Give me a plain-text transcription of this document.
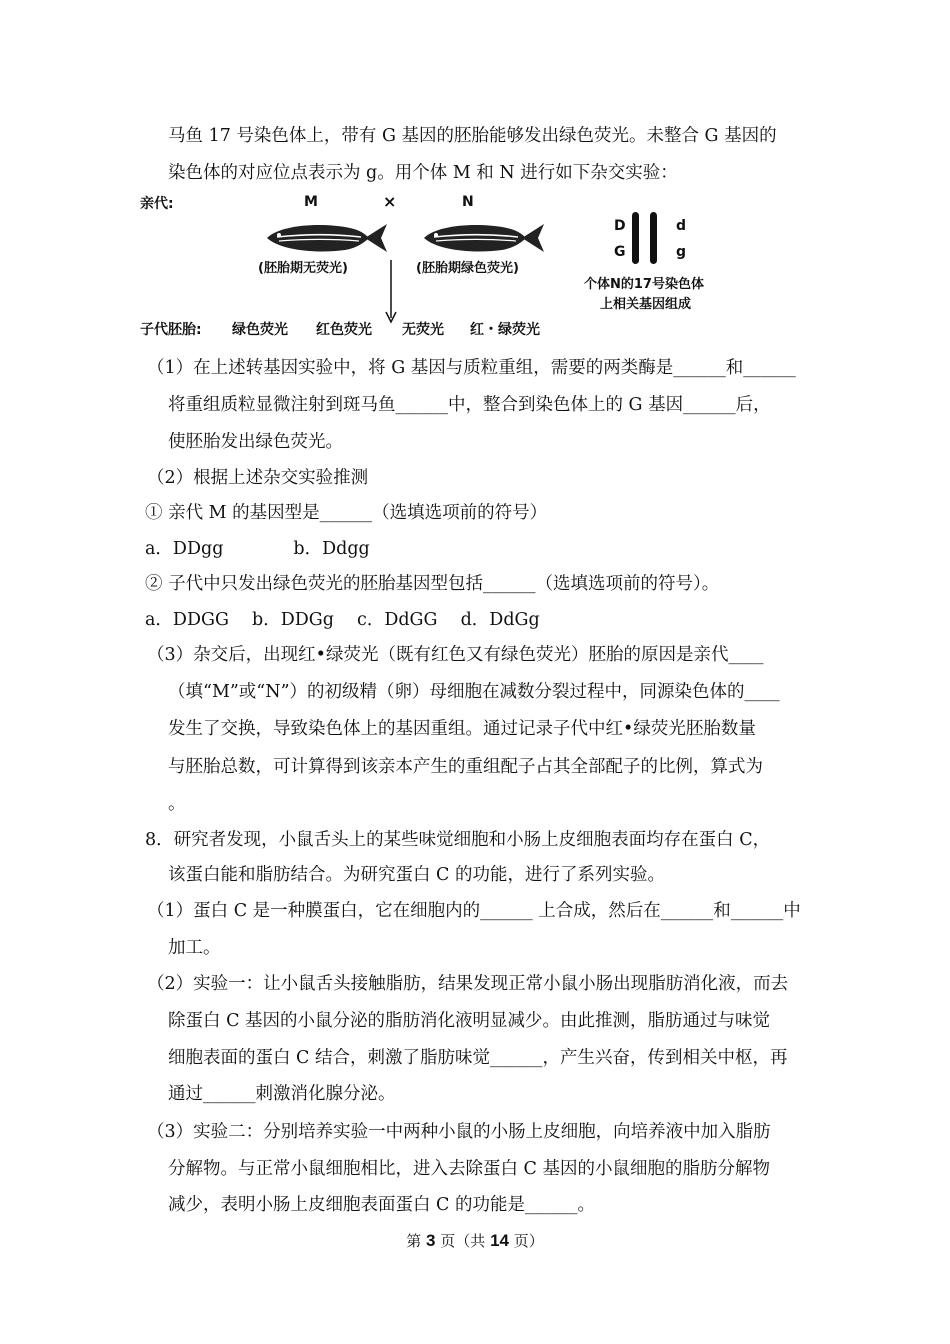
马鱼 17 号染色体上，带有 G 基因的胚胎能够发出绿色荧光。未整合 G 基因的
染色体的对应位点表示为 g。用个体 M 和 N 进行如下杂交实验：
亲代:	M	×	N
(胚胎期无荧光)	(胚胎期绿色荧光)
D
G
d
g
个体N的17号染色体
上相关基因组成
子代胚胎: 绿色荧光 红色荧光 无荧光 红・绿荧光
（1）在上述转基因实验中，将 G 基因与质粒重组，需要的两类酶是______和______
将重组质粒显微注射到斑马鱼______中，整合到染色体上的 G 基因______后，
使胚胎发出绿色荧光。
（2）根据上述杂交实验推测
① 亲代 M 的基因型是______（选填选项前的符号）
a．DDgg　　　　b．Ddgg
② 子代中只发出绿色荧光的胚胎基因型包括______（选填选项前的符号）。
a．DDGG　 b．DDGg　 c．DdGG　 d．DdGg
（3）杂交后，出现红•绿荧光（既有红色又有绿色荧光）胚胎的原因是亲代____
（填“M”或“N”）的初级精（卵）母细胞在减数分裂过程中，同源染色体的____
发生了交换，导致染色体上的基因重组。通过记录子代中红•绿荧光胚胎数量
与胚胎总数，可计算得到该亲本产生的重组配子占其全部配子的比例，算式为
。
8．研究者发现，小鼠舌头上的某些味觉细胞和小肠上皮细胞表面均存在蛋白 C，
该蛋白能和脂肪结合。为研究蛋白 C 的功能，进行了系列实验。
（1）蛋白 C 是一种膜蛋白，它在细胞内的______ 上合成，然后在______和______中
加工。
（2）实验一：让小鼠舌头接触脂肪，结果发现正常小鼠小肠出现脂肪消化液，而去
除蛋白 C 基因的小鼠分泌的脂肪消化液明显减少。由此推测，脂肪通过与味觉
细胞表面的蛋白 C 结合，刺激了脂肪味觉______，产生兴奋，传到相关中枢，再
通过______刺激消化腺分泌。
（3）实验二：分别培养实验一中两种小鼠的小肠上皮细胞，向培养液中加入脂肪
分解物。与正常小鼠细胞相比，进入去除蛋白 C 基因的小鼠细胞的脂肪分解物
减少，表明小肠上皮细胞表面蛋白 C 的功能是______。
第 3 页（共 14 页）
